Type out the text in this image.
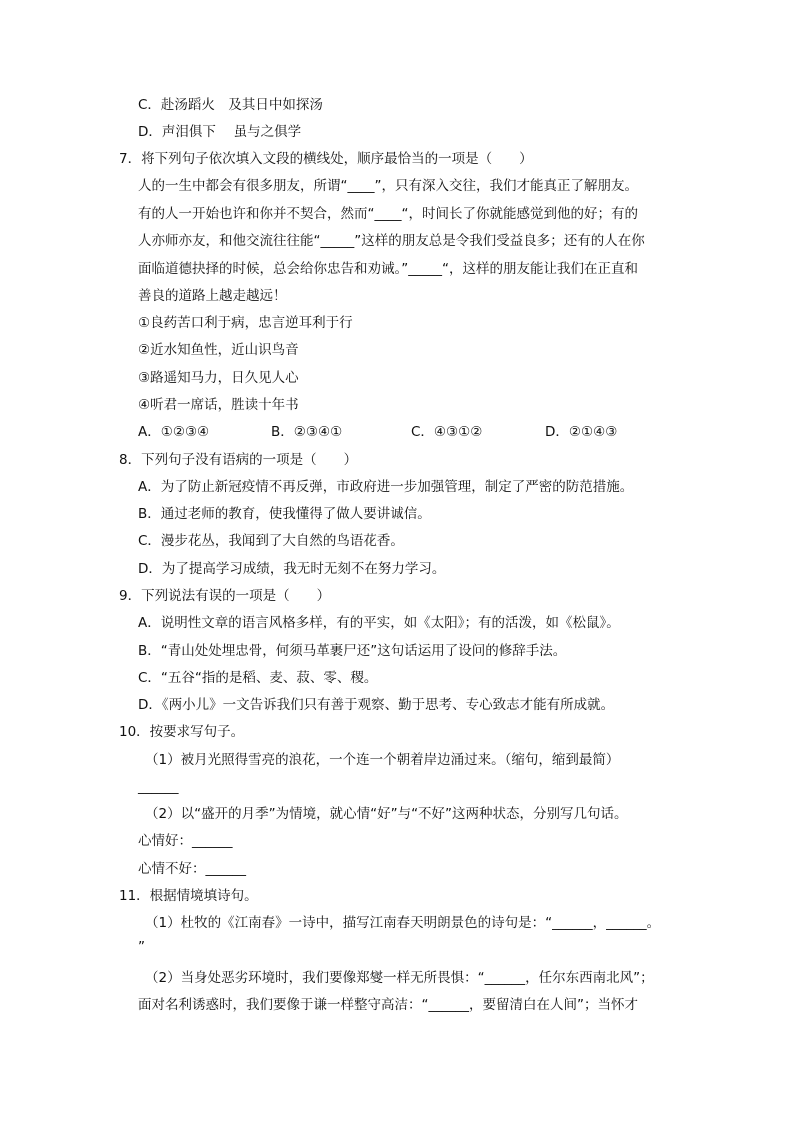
C．赴汤蹈火　及其日中如探汤
D．声泪俱下　 虽与之俱学
7．将下列句子依次填入文段的横线处，顺序最恰当的一项是（　　）
人的一生中都会有很多朋友，所谓“____”，只有深入交往，我们才能真正了解朋友。
有的人一开始也许和你并不契合，然而“____“，时间长了你就能感觉到他的好；有的
人亦师亦友，和他交流往往能“_____”这样的朋友总是令我们受益良多；还有的人在你
面临道德抉择的时候，总会给你忠告和劝诫。”_____“，这样的朋友能让我们在正直和
善良的道路上越走越远！
①良药苦口利于病，忠言逆耳利于行
②近水知鱼性，近山识鸟音
③路遥知马力，日久见人心
④听君一席话，胜读十年书
A．①②③④	B．②③④①	C．④③①②	D．②①④③
8．下列句子没有语病的一项是（　　）
A．为了防止新冠疫情不再反弹，市政府进一步加强管理，制定了严密的防范措施。
B．通过老师的教育，使我懂得了做人要讲诚信。
C．漫步花丛，我闻到了大自然的鸟语花香。
D．为了提高学习成绩，我无时无刻不在努力学习。
9．下列说法有误的一项是（　　）
A．说明性文章的语言风格多样，有的平实，如《太阳》；有的活泼，如《松鼠》。
B．“青山处处埋忠骨，何须马革裹尸还”这句话运用了设问的修辞手法。
C．“五谷“指的是稻、麦、菽、零、稷。
D．《两小儿》一文告诉我们只有善于观察、勤于思考、专心致志才能有所成就。
10．按要求写句子。
（1）被月光照得雪亮的浪花，一个连一个朝着岸边涌过来。（缩句，缩到最简）
______
（2）以“盛开的月季”为情境，就心情“好”与“不好”这两种状态，分别写几句话。
心情好：______
心情不好：______
11．根据情境填诗句。
（1）杜牧的《江南春》一诗中，描写江南春天明朗景色的诗句是：“______，______。
”
（2）当身处恶劣环境时，我们要像郑燮一样无所畏惧：“______，任尔东西南北风”；
面对名利诱惑时，我们要像于谦一样整守高洁：“______，要留清白在人间”；当怀才
